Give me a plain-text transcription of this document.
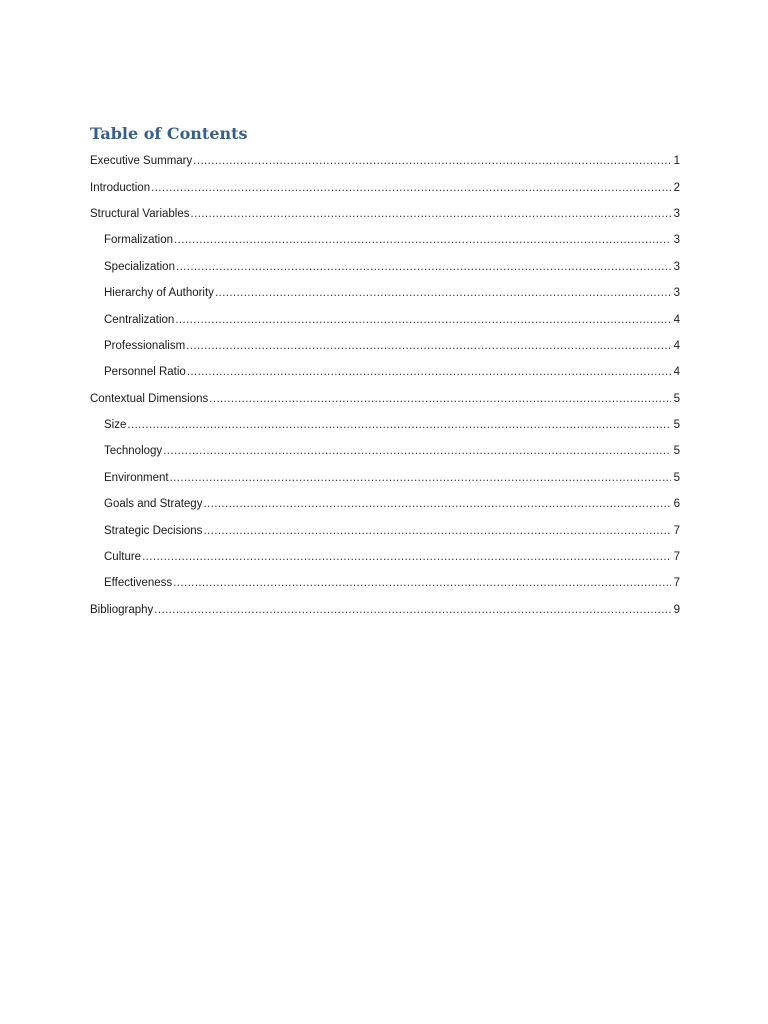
Table of Contents
Executive Summary .....	1
Introduction .....	2
Structural Variables .....	3
Formalization .....	3
Specialization .....	3
Hierarchy of Authority .....	3
Centralization .....	4
Professionalism .....	4
Personnel Ratio .....	4
Contextual Dimensions .....	5
Size .....	5
Technology .....	5
Environment .....	5
Goals and Strategy .....	6
Strategic Decisions .....	7
Culture .....	7
Effectiveness .....	7
Bibliography .....	9
